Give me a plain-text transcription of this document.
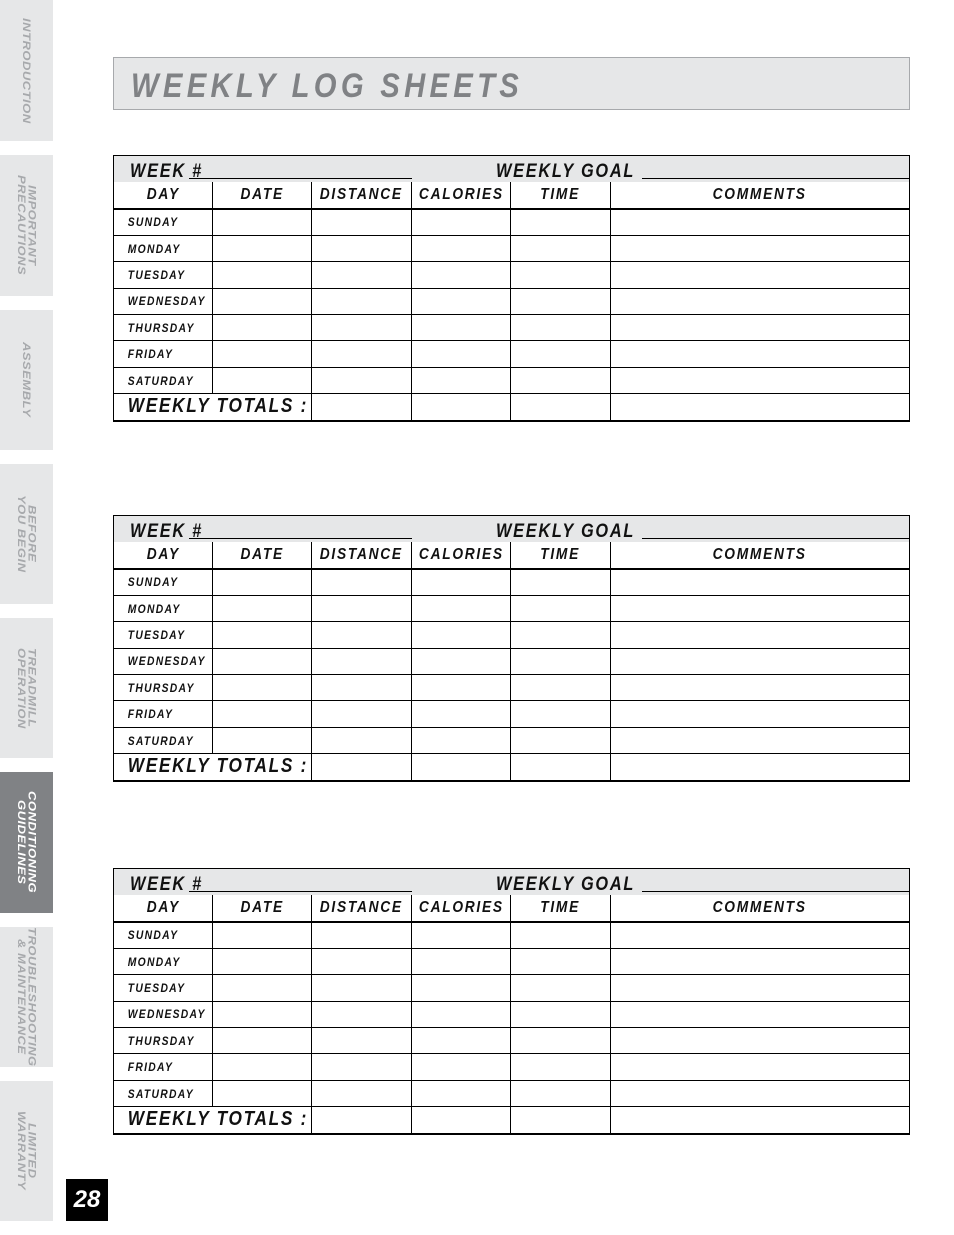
INTRODUCTION
IMPORTANT
PRECAUTIONS
ASSEMBLY
BEFORE
YOU BEGIN
TREADMILL
OPERATION
CONDITIONING
GUIDELINES
TROUBLESHOOTING
& MAINTENANCE
LIMITED
WARRANTY
28
WEEKLY LOG SHEETS
WEEK #			WEEKLY GOAL		

DAY	DATE	DISTANCE	CALORIES	TIME	COMMENTS
SUNDAY					
MONDAY					
TUESDAY					
WEDNESDAY					
THURSDAY					
FRIDAY					
SATURDAY					
WEEKLY TOTALS :					
WEEK #			WEEKLY GOAL		

DAY	DATE	DISTANCE	CALORIES	TIME	COMMENTS
SUNDAY					
MONDAY					
TUESDAY					
WEDNESDAY					
THURSDAY					
FRIDAY					
SATURDAY					
WEEKLY TOTALS :					
WEEK #			WEEKLY GOAL		

DAY	DATE	DISTANCE	CALORIES	TIME	COMMENTS
SUNDAY					
MONDAY					
TUESDAY					
WEDNESDAY					
THURSDAY					
FRIDAY					
SATURDAY					
WEEKLY TOTALS :					
